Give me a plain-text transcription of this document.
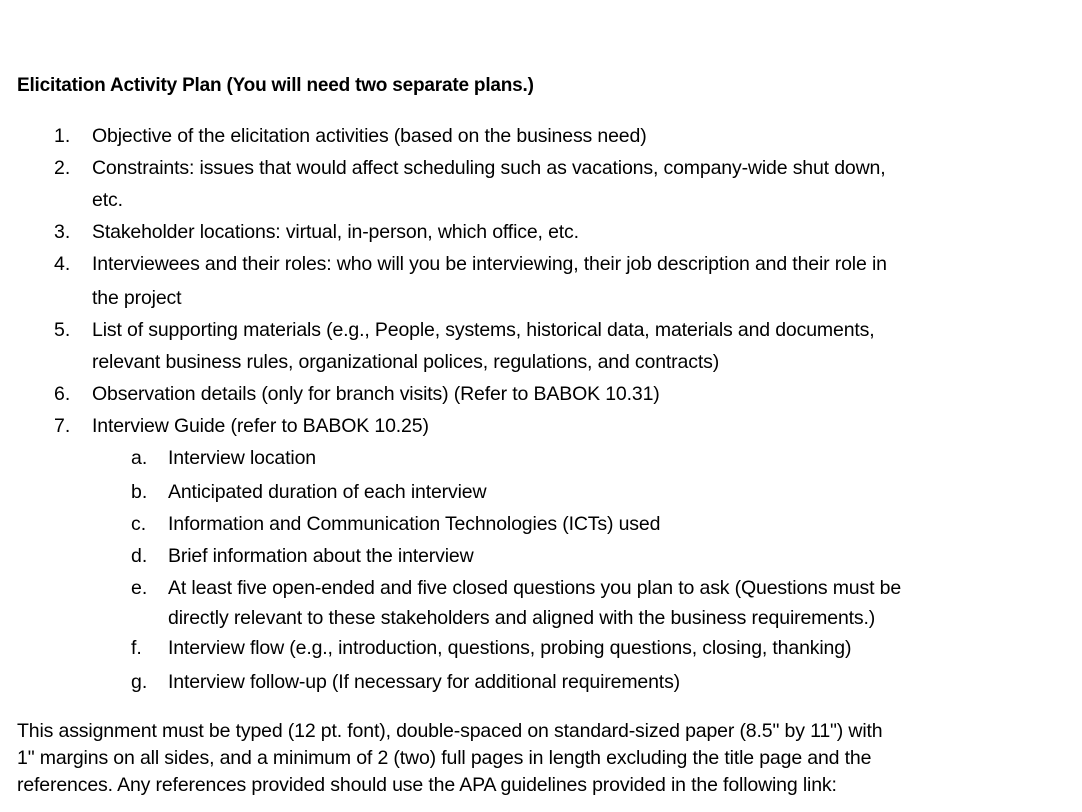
Elicitation Activity Plan (You will need two separate plans.)
1. Objective of the elicitation activities (based on the business need)
2. Constraints: issues that would affect scheduling such as vacations, company-wide shut down,
etc.
3. Stakeholder locations: virtual, in-person, which office, etc.
4. Interviewees and their roles: who will you be interviewing, their job description and their role in
the project
5. List of supporting materials (e.g., People, systems, historical data, materials and documents,
relevant business rules, organizational polices, regulations, and contracts)
6. Observation details (only for branch visits) (Refer to BABOK 10.31)
7. Interview Guide (refer to BABOK 10.25)
a. Interview location
b. Anticipated duration of each interview
c. Information and Communication Technologies (ICTs) used
d. Brief information about the interview
e. At least five open-ended and five closed questions you plan to ask (Questions must be
directly relevant to these stakeholders and aligned with the business requirements.)
f. Interview flow (e.g., introduction, questions, probing questions, closing, thanking)
g. Interview follow-up (If necessary for additional requirements)
This assignment must be typed (12 pt. font), double-spaced on standard-sized paper (8.5" by 11") with
1" margins on all sides, and a minimum of 2 (two) full pages in length excluding the title page and the
references. Any references provided should use the APA guidelines provided in the following link:
